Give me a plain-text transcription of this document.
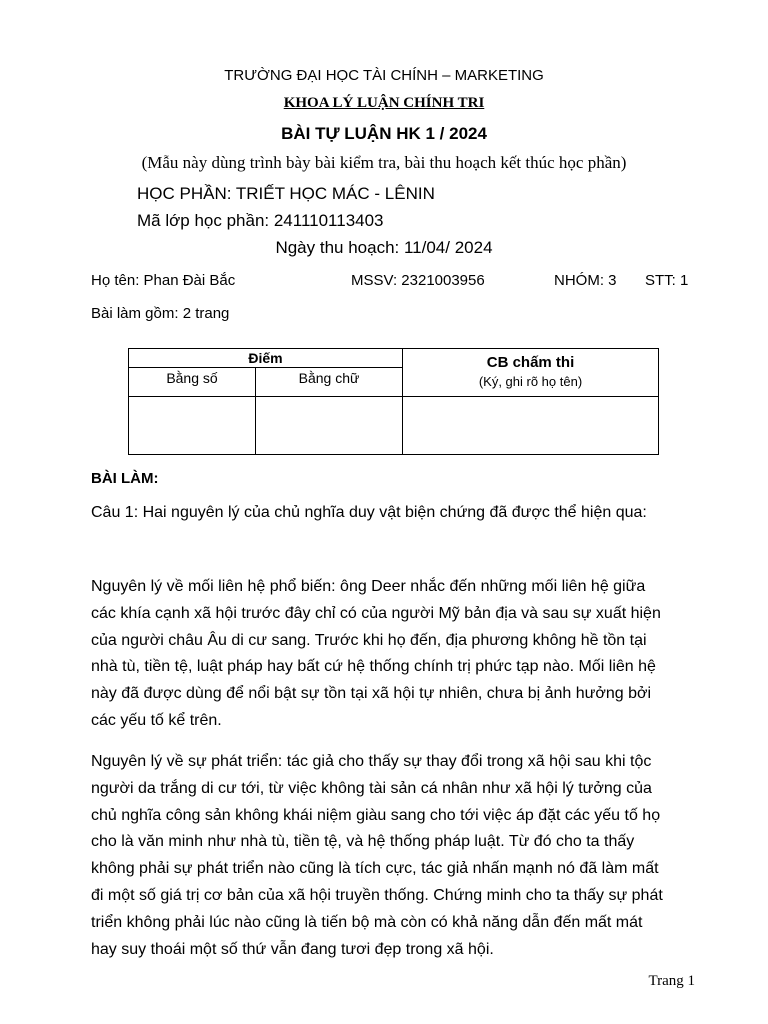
TRƯỜNG ĐẠI HỌC TÀI CHÍNH – MARKETING
KHOA LÝ LUẬN CHÍNH TRI
BÀI TỰ LUẬN HK 1 / 2024
(Mẫu này dùng trình bày bài kiểm tra, bài thu hoạch kết thúc học phần)
HỌC PHẦN: TRIẾT HỌC MÁC - LÊNIN
Mã lớp học phần: 241110113403
Ngày thu hoạch: 11/04/ 2024
Họ tên: Phan Đài Bắc	MSSV: 2321003956	NHÓM: 3 STT: 1
Bài làm gồm: 2 trang
Điếm
Bằng số	Bằng chữ
CB chấm thi
(Ký, ghi rõ họ tên)
BÀI LÀM:
Câu 1: Hai nguyên lý của chủ nghĩa duy vật biện chứng đã được thể hiện qua:
Nguyên lý về mối liên hệ phổ biến: ông Deer nhắc đến những mối liên hệ giữa
các khía cạnh xã hội trước đây chỉ có của người Mỹ bản địa và sau sự xuất hiện
của người châu Âu di cư sang. Trước khi họ đến, địa phương không hề tồn tại
nhà tù, tiền tệ, luật pháp hay bất cứ hệ thống chính trị phức tạp nào. Mối liên hệ
này đã được dùng để nổi bật sự tồn tại xã hội tự nhiên, chưa bị ảnh hưởng bởi
các yếu tố kể trên.
Nguyên lý về sự phát triển: tác giả cho thấy sự thay đổi trong xã hội sau khi tộc
người da trắng di cư tới, từ việc không tài sản cá nhân như xã hội lý tưởng của
chủ nghĩa công sản không khái niệm giàu sang cho tới việc áp đặt các yếu tố họ
cho là văn minh như nhà tù, tiền tệ, và hệ thống pháp luật. Từ đó cho ta thấy
không phải sự phát triển nào cũng là tích cực, tác giả nhấn mạnh nó đã làm mất
đi một số giá trị cơ bản của xã hội truyền thống. Chứng minh cho ta thấy sự phát
triển không phải lúc nào cũng là tiến bộ mà còn có khả năng dẫn đến mất mát
hay suy thoái một số thứ vẫn đang tươi đẹp trong xã hội.
Trang 1
